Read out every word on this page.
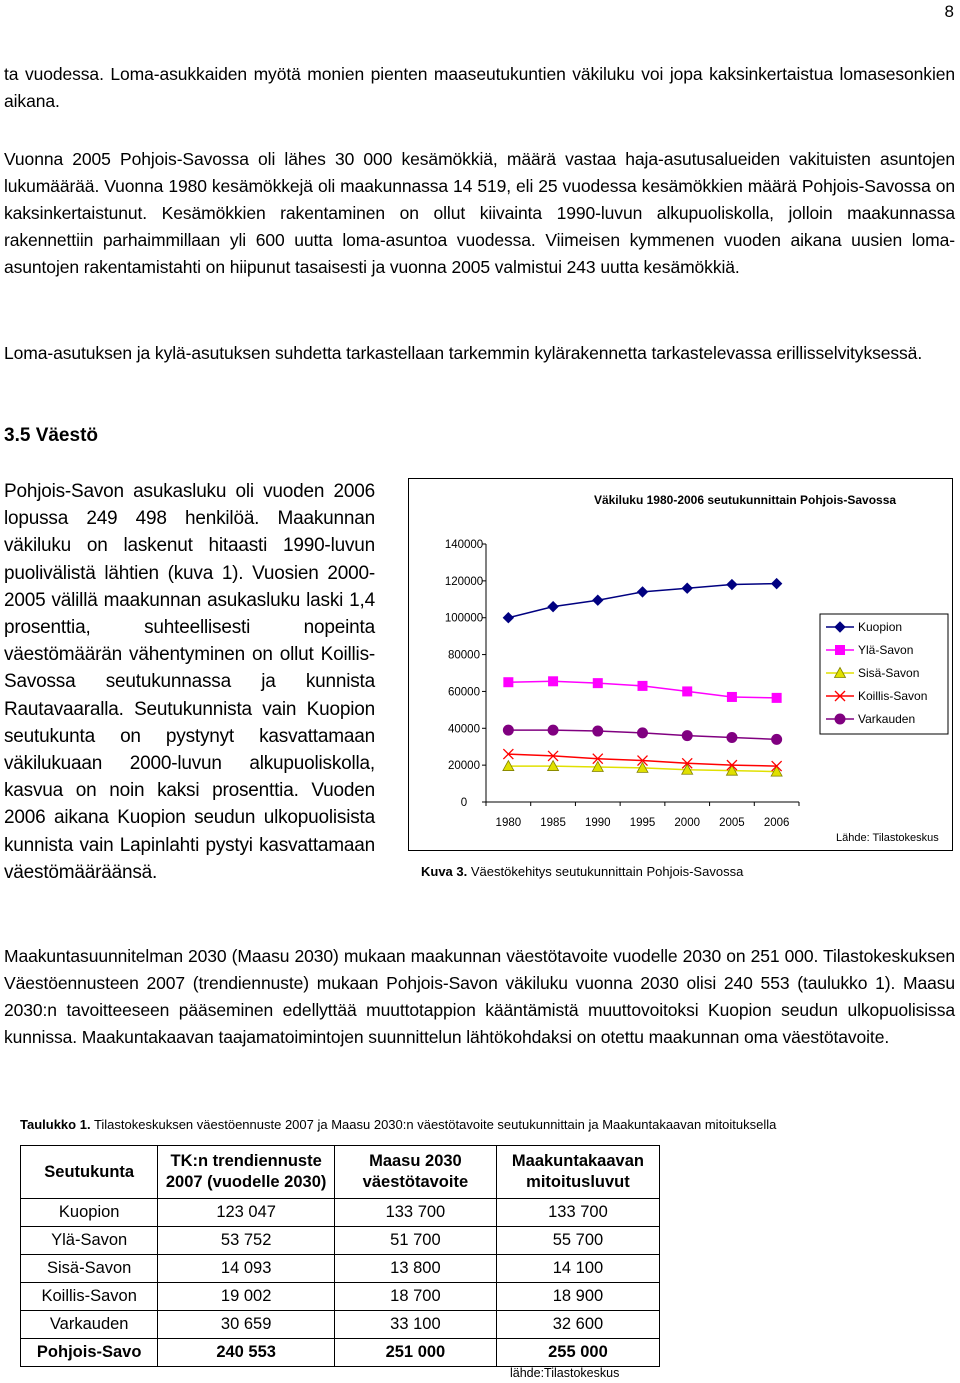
8

ta vuodessa. Loma-asukkaiden myötä monien pienten maaseutukuntien väkiluku voi jopa kaksinkertaistua lomasesonkien aikana.

Vuonna 2005 Pohjois-Savossa oli lähes 30 000 kesämökkiä, määrä vastaa haja-asutusalueiden vakituisten asuntojen lukumäärää. Vuonna 1980 kesämökkejä oli maakunnassa 14 519, eli 25 vuodessa kesämökkien määrä Pohjois-Savossa on kaksinkertaistunut. Kesämökkien rakentaminen on ollut kiivainta 1990-luvun alkupuoliskolla, jolloin maakunnassa rakennettiin parhaimmillaan yli 600 uutta loma-asuntoa vuodessa. Viimeisen kymmenen vuoden aikana uusien loma-asuntojen rakentamistahti on hiipunut tasaisesti ja vuonna 2005 valmistui 243 uutta kesämökkiä.

Loma-asutuksen ja kylä-asutuksen suhdetta tarkastellaan tarkemmin kylärakennetta tarkastelevassa erillisselvityksessä.

3.5 Väestö

Pohjois-Savon asukasluku oli vuoden 2006 lopussa 249 498 henkilöä. Maakunnan väkiluku on laskenut hitaasti 1990-luvun puolivälistä lähtien (kuva 1). Vuosien 2000-2005 välillä maakunnan asukasluku laski 1,4 prosenttia, suhteellisesti nopeinta väestömäärän vähentyminen on ollut Koillis-Savossa seutukunnassa ja kunnista Rautavaaralla. Seutukunnista vain Kuopion seutukunta on pystynyt kasvattamaan väkilukuaan 2000-luvun alkupuoliskolla, kasvua on noin kaksi prosenttia. Vuoden 2006 aikana Kuopion seudun ulkopuolisista kunnista vain Lapinlahti pystyi kasvattamaan väestömääräänsä.

Väkiluku 1980-2006 seutukunnittain Pohjois-Savossa
0
20000
40000
60000
80000
100000
120000
140000
1980 1985 1990 1995 2000 2005 2006
Kuopion
Ylä-Savon
Sisä-Savon
Koillis-Savon
Varkauden
Lähde: Tilastokeskus
Kuva 3. Väestökehitys seutukunnittain Pohjois-Savossa

Maakuntasuunnitelman 2030 (Maasu 2030) mukaan maakunnan väestötavoite vuodelle 2030 on 251 000. Tilastokeskuksen Väestöennusteen 2007 (trendiennuste) mukaan Pohjois-Savon väkiluku vuonna 2030 olisi 240 553 (taulukko 1). Maasu 2030:n tavoitteeseen pääseminen edellyttää muuttotappion kääntämistä muuttovoitoksi Kuopion seudun ulkopuolisissa kunnissa. Maakuntakaavan taajamatoimintojen suunnittelun lähtökohdaksi on otettu maakunnan oma väestötavoite.

Taulukko 1. Tilastokeskuksen väestöennuste 2007 ja Maasu 2030:n väestötavoite seutukunnittain ja Maakuntakaavan mitoituksella
Seutukunta	TK:n trendiennuste 2007 (vuodelle 2030)	Maasu 2030 väestötavoite	Maakuntakaavan mitoitusluvut
Kuopion	123 047	133 700	133 700
Ylä-Savon	53 752	51 700	55 700
Sisä-Savon	14 093	13 800	14 100
Koillis-Savon	19 002	18 700	18 900
Varkauden	30 659	33 100	32 600
Pohjois-Savo	240 553	251 000	255 000
lähde:Tilastokeskus
